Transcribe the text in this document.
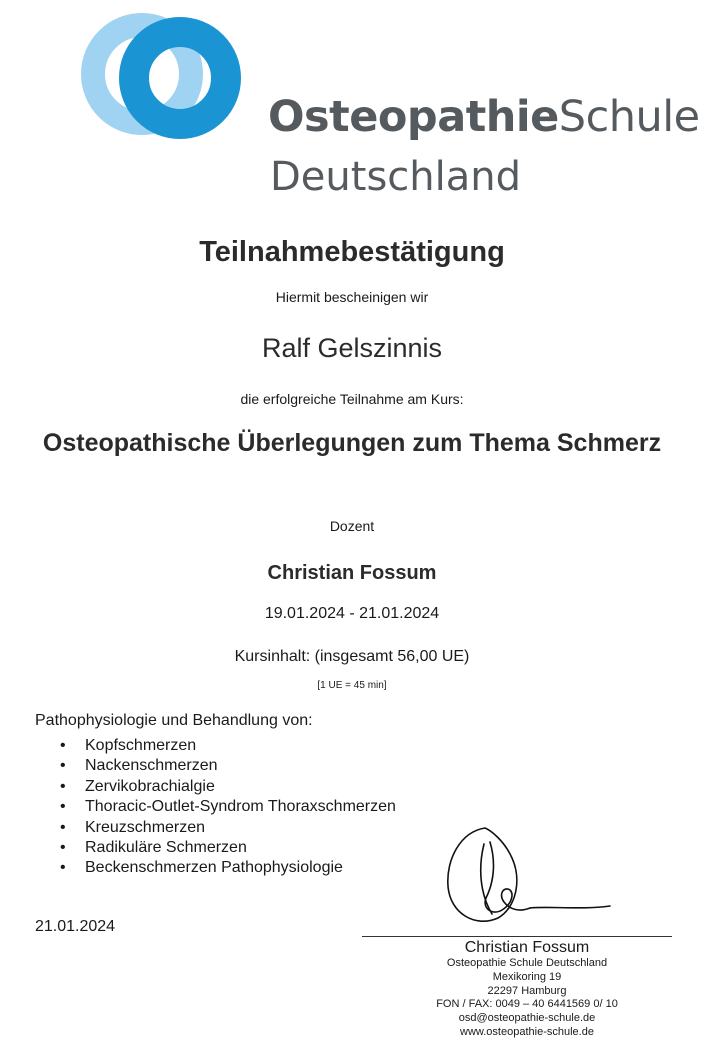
OsteopathieSchule
Deutschland
Teilnahmebestätigung

Hiermit bescheinigen wir

Ralf Gelszinnis

die erfolgreiche Teilnahme am Kurs:

Osteopathische Überlegungen zum Thema Schmerz

Dozent

Christian Fossum

19.01.2024 - 21.01.2024

Kursinhalt: (insgesamt 56,00 UE)

[1 UE = 45 min]

Pathophysiologie und Behandlung von:

• Kopfschmerzen
• Nackenschmerzen
• Zervikobrachialgie
• Thoracic-Outlet-Syndrom Thoraxschmerzen
• Kreuzschmerzen
• Radikuläre Schmerzen
• Beckenschmerzen Pathophysiologie

21.01.2024

Christian Fossum

Osteopathie Schule Deutschland

Mexikoring 19

22297 Hamburg

FON / FAX: 0049 – 40 6441569 0/ 10

osd@osteopathie-schule.de

www.osteopathie-schule.de
